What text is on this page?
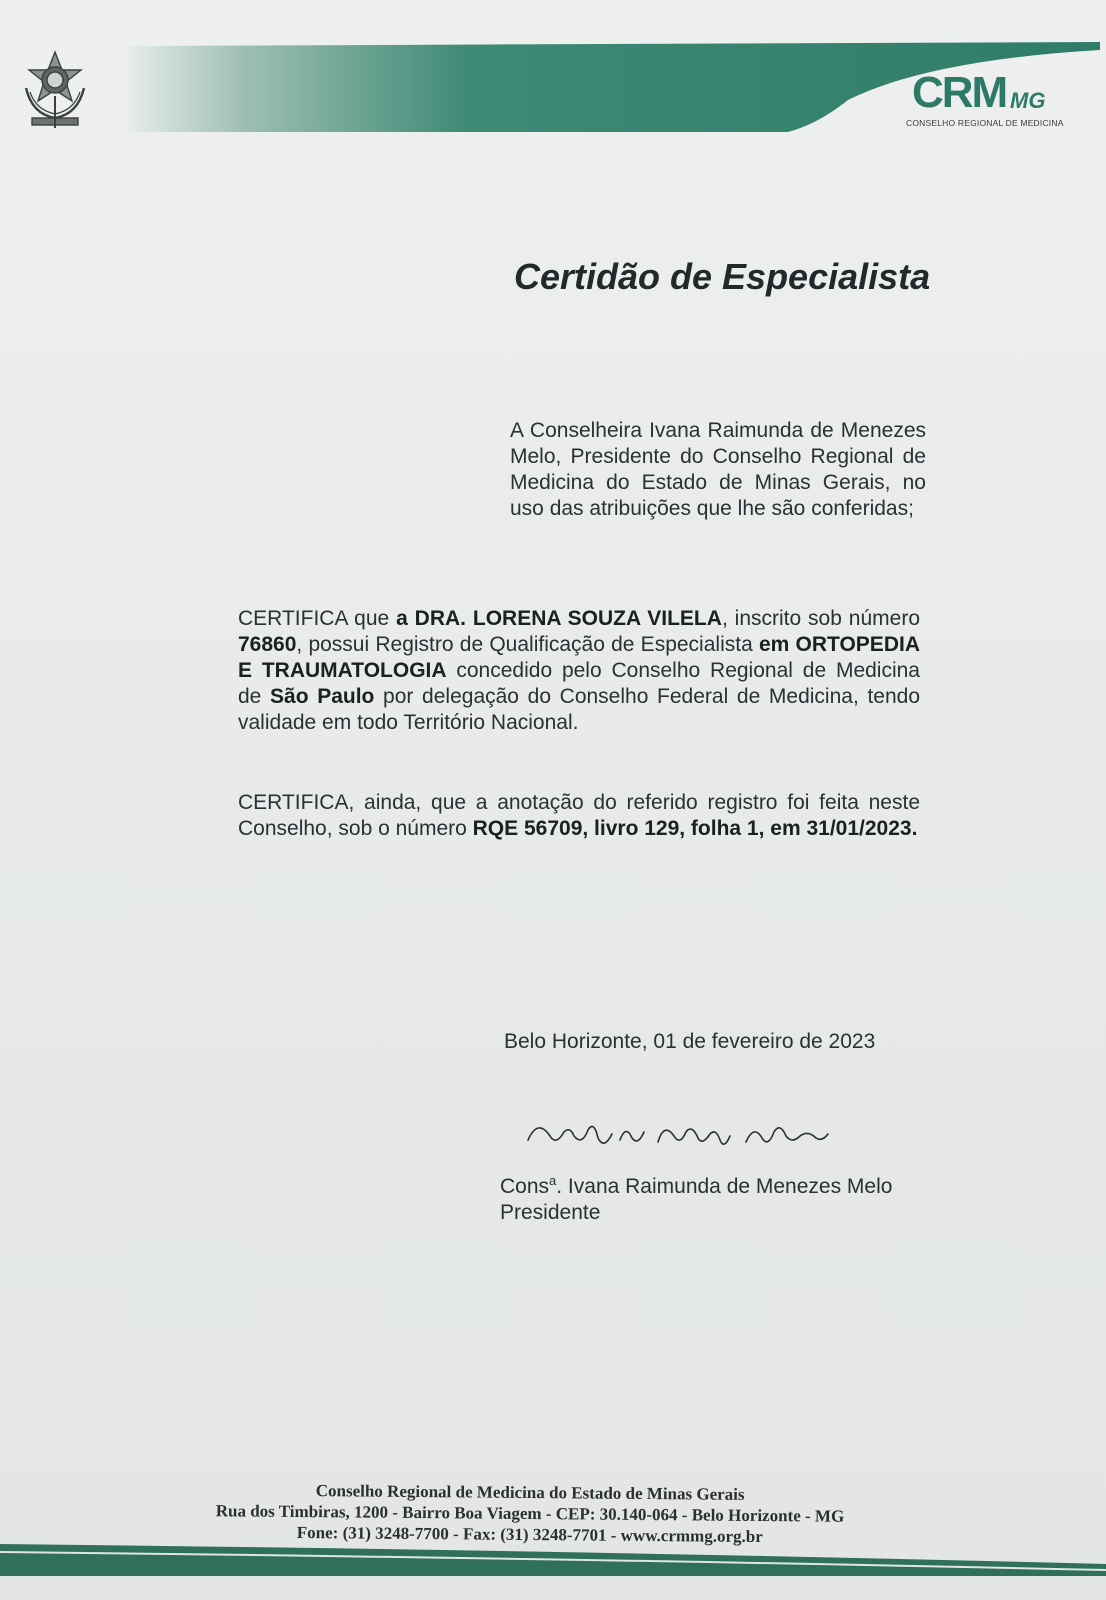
CRM MG
CONSELHO REGIONAL DE MEDICINA
Certidão de Especialista
A Conselheira Ivana Raimunda de Menezes Melo, Presidente do Conselho Regional de Medicina do Estado de Minas Gerais, no uso das atribuições que lhe são conferidas;
CERTIFICA que a DRA. LORENA SOUZA VILELA, inscrito sob número 76860, possui Registro de Qualificação de Especialista em ORTOPEDIA E TRAUMATOLOGIA concedido pelo Conselho Regional de Medicina de São Paulo por delegação do Conselho Federal de Medicina, tendo validade em todo Território Nacional.
CERTIFICA, ainda, que a anotação do referido registro foi feita neste Conselho, sob o número RQE 56709, livro 129, folha 1, em 31/01/2023.
Belo Horizonte, 01 de fevereiro de 2023
Cons$^a$. Ivana Raimunda de Menezes Melo
Presidente
Conselho Regional de Medicina do Estado de Minas Gerais
Rua dos Timbiras, 1200 - Bairro Boa Viagem - CEP: 30.140-064 - Belo Horizonte - MG
Fone: (31) 3248-7700 - Fax: (31) 3248-7701 - www.crmmg.org.br
